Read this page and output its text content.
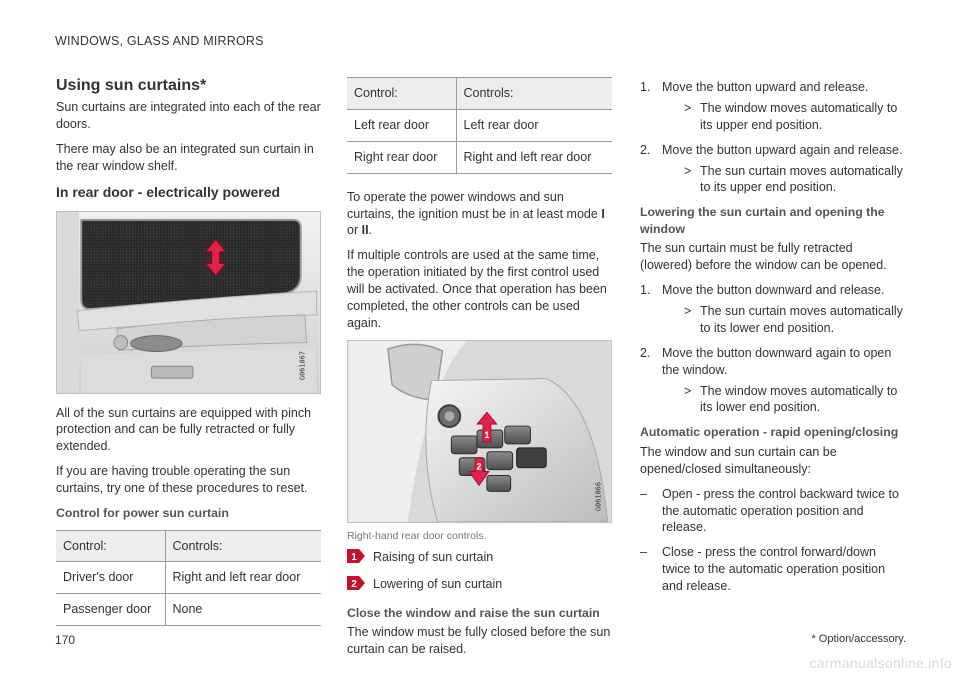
WINDOWS, GLASS AND MIRRORS
Using sun curtains*

Sun curtains are integrated into each of the rear doors.

There may also be an integrated sun curtain in the rear window shelf.

In rear door - electrically powered
G061067

All of the sun curtains are equipped with pinch protection and can be fully retracted or fully extended.

If you are having trouble operating the sun curtains, try one of these procedures to reset.

Control for power sun curtain
Control:	Controls:
Driver's door	Right and left rear door
Passenger door	None
Control:	Controls:
Left rear door	Left rear door
Right rear door	Right and left rear door

To operate the power windows and sun curtains, the ignition must be in at least mode I or II.

If multiple controls are used at the same time, the operation initiated by the first control used will be activated. Once that operation has been completed, the other controls can be used again.

1
2
G061066
Right-hand rear door controls.
1 Raising of sun curtain
2 Lowering of sun curtain
Close the window and raise the sun curtain

The window must be fully closed before the sun curtain can be raised.

1. Move the button upward and release.
> The window moves automatically to its upper end position.
2. Move the button upward again and release.
> The sun curtain moves automatically to its upper end position.
Lowering the sun curtain and opening the window

The sun curtain must be fully retracted (lowered) before the window can be opened.

1. Move the button downward and release.
> The sun curtain moves automatically to its lower end position.
2. Move the button downward again to open the window.
> The window moves automatically to its lower end position.
Automatic operation - rapid opening/closing

The window and sun curtain can be opened/closed simultaneously:

– Open - press the control backward twice to the automatic operation position and release.
– Close - press the control forward/down twice to the automatic operation position and release.
170	* Option/accessory.
carmanualsonline.info
